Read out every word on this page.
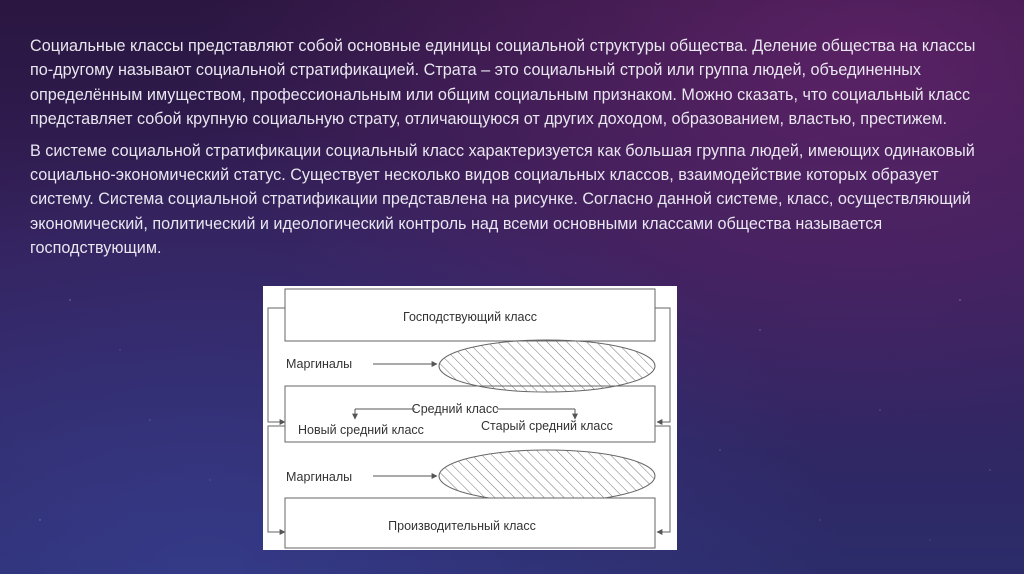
Социальные классы представляют собой основные единицы социальной структуры общества. Деление общества на классы по-другому называют социальной стратификацией. Страта – это социальный строй или группа людей, объединенных определённым имуществом, профессиональным или общим социальным признаком. Можно сказать, что социальный класс представляет собой крупную социальную страту, отличающуюся от других доходом, образованием, властью, престижем.

В системе социальной стратификации социальный класс характеризуется как большая группа людей, имеющих одинаковый социально-экономический статус. Существует несколько видов социальных классов, взаимодействие которых образует систему. Система социальной стратификации представлена на рисунке. Согласно данной системе, класс, осуществляющий экономический, политический и идеологический контроль над всеми основными классами общества называется господствующим.

Господствующий класс
Маргиналы
Средний класс
Новый средний класс	Старый средний класс
Маргиналы
Производительный класс
